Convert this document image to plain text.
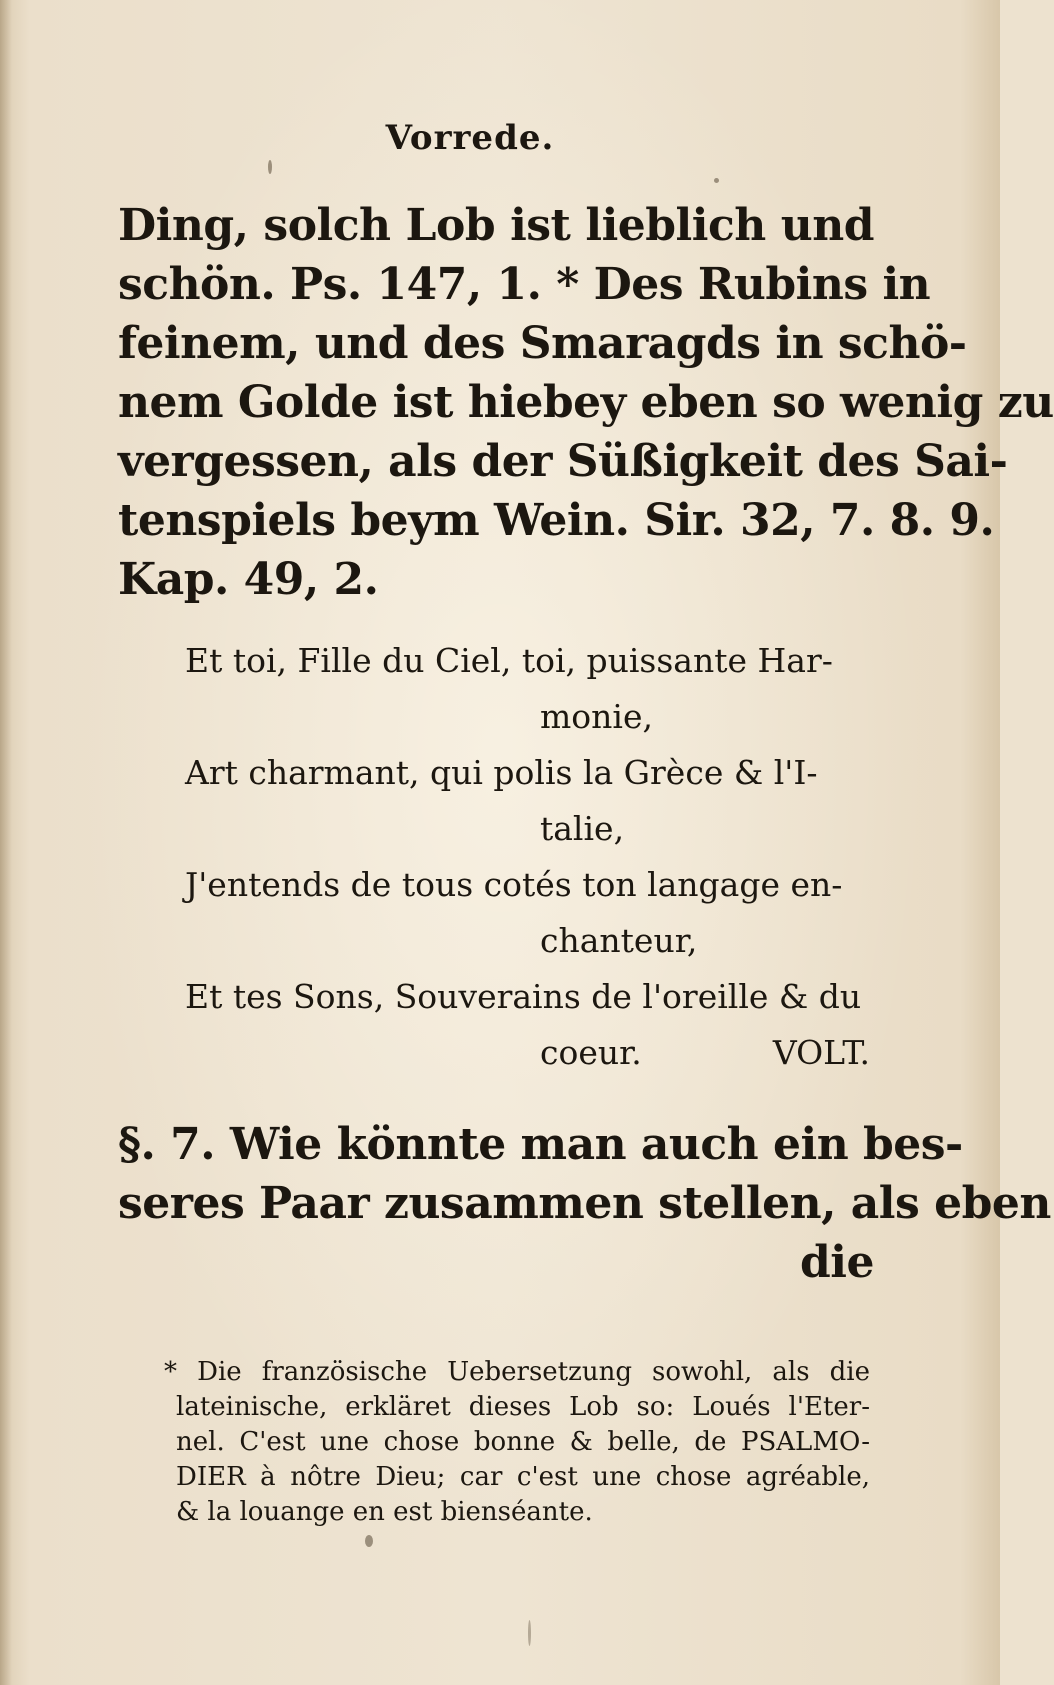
Vorrede.
Ding, solch Lob ist lieblich und
schön. Ps. 147, 1. * Des Rubins in
feinem, und des Smaragds in schö-
nem Golde ist hiebey eben so wenig zu
vergessen, als der Süßigkeit des Sai-
tenspiels beym Wein. Sir. 32, 7. 8. 9.
Kap. 49, 2.
Et toi, Fille du Ciel, toi, puissante Har-
monie,
Art charmant, qui polis la Grèce & l'I-
talie,
J'entends de tous cotés ton langage en-
chanteur,
Et tes Sons, Souverains de l'oreille & du
coeur.	VOLT.
§. 7. Wie könnte man auch ein bes-
seres Paar zusammen stellen, als eben
die
* Die französische Uebersetzung sowohl, als die
lateinische, erkläret dieses Lob so: Loués l'Eter-
nel. C'est une chose bonne & belle, de PSALMO-
DIER à nôtre Dieu; car c'est une chose agréable,
& la louange en est bienséante.
